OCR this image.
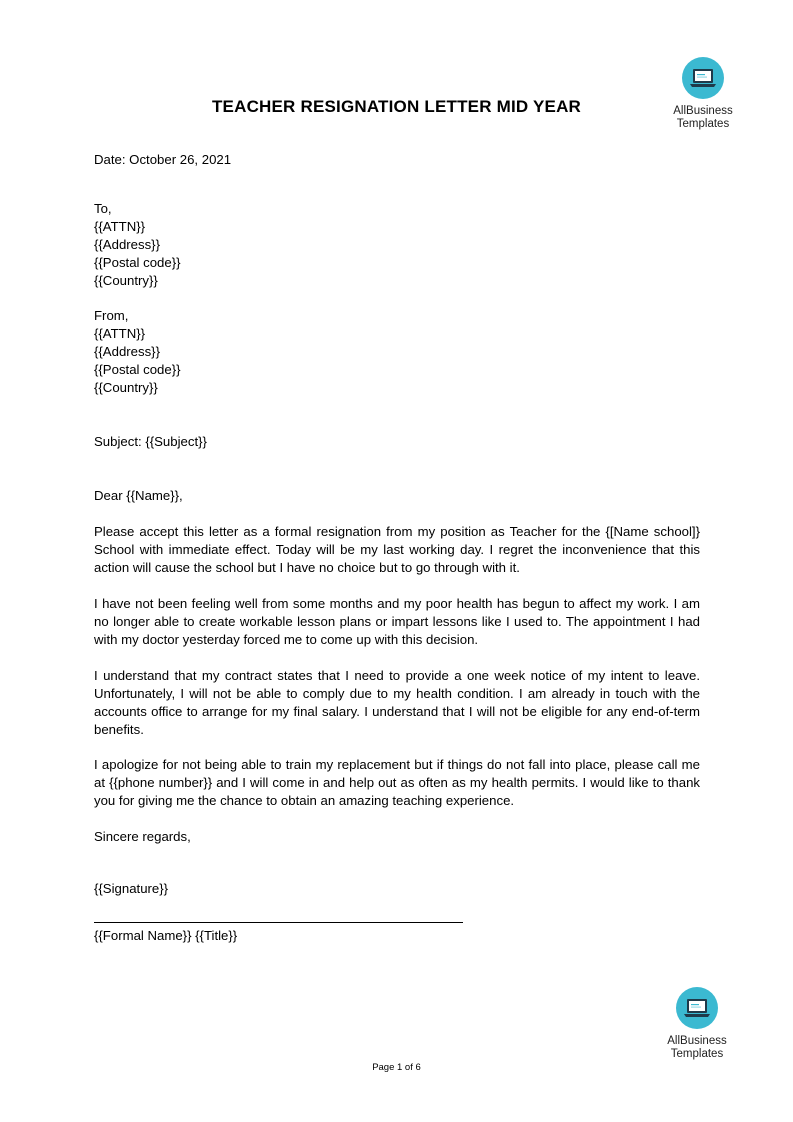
AllBusiness
Templates
TEACHER RESIGNATION LETTER MID YEAR
Date: October 26, 2021
To,
{{ATTN}}
{{Address}}
{{Postal code}}
{{Country}}
From,
{{ATTN}}
{{Address}}
{{Postal code}}
{{Country}}
Subject: {{Subject}}
Dear {{Name}},
Please accept this letter as a formal resignation from my position as Teacher for the {[Name school]} School with immediate effect. Today will be my last working day. I regret the inconvenience that this action will cause the school but I have no choice but to go through with it.
I have not been feeling well from some months and my poor health has begun to affect my work. I am no longer able to create workable lesson plans or impart lessons like I used to. The appointment I had with my doctor yesterday forced me to come up with this decision.
I understand that my contract states that I need to provide a one week notice of my intent to leave. Unfortunately, I will not be able to comply due to my health condition. I am already in touch with the accounts office to arrange for my final salary. I understand that I will not be eligible for any end-of-term benefits.
I apologize for not being able to train my replacement but if things do not fall into place, please call me at {{phone number}} and I will come in and help out as often as my health permits. I would like to thank you for giving me the chance to obtain an amazing teaching experience.
Sincere regards,
{{Signature}}
{{Formal Name}} {{Title}}
AllBusiness
Templates
Page 1 of 6
